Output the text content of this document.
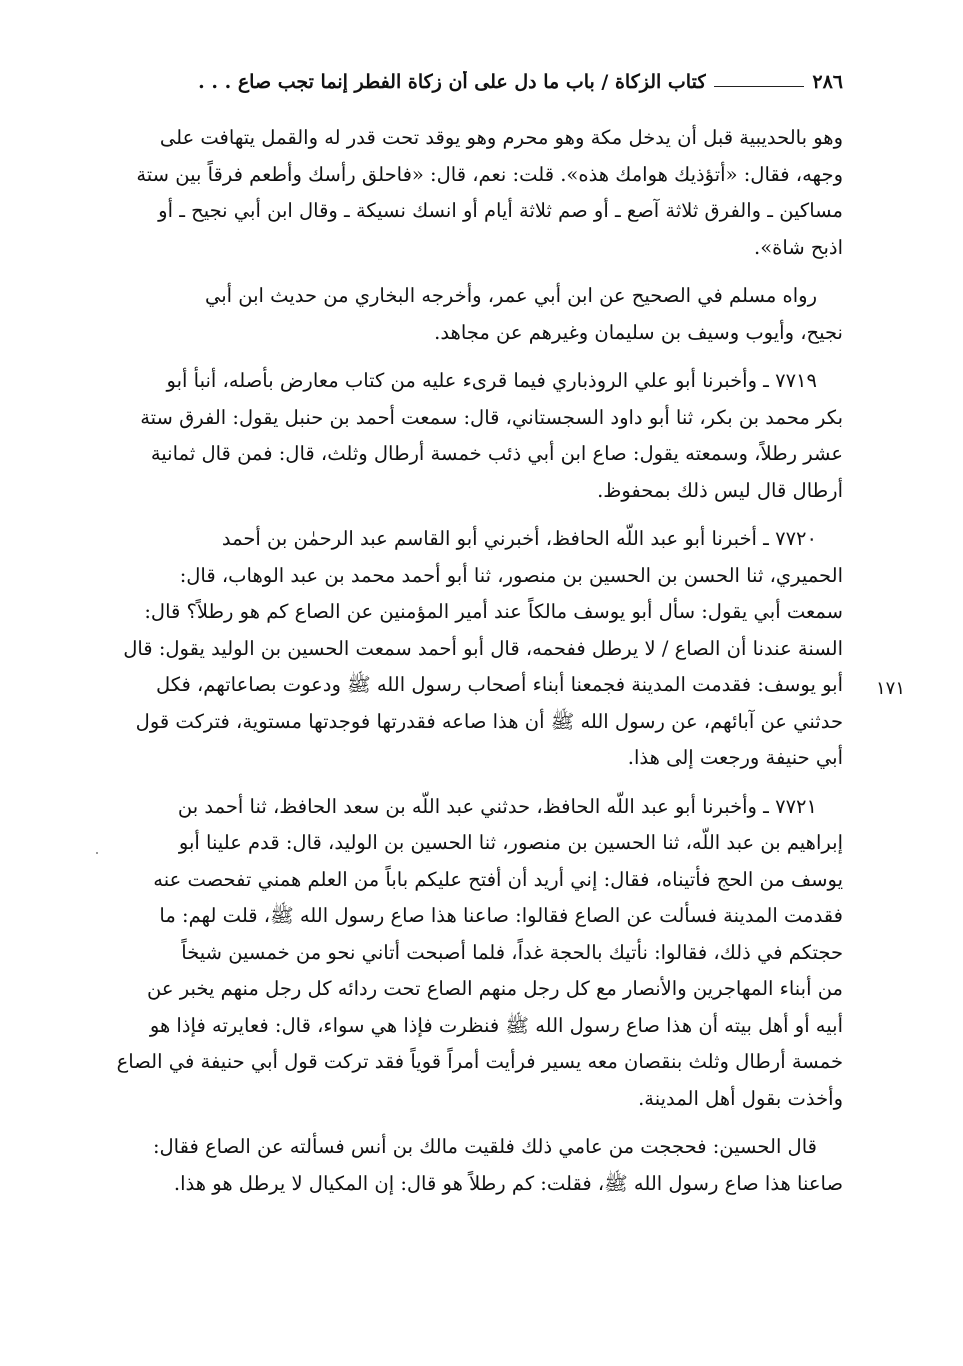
٢٨٦
كتاب الزكاة / باب ما دل على أن زكاة الفطر إنما تجب صاع . . .
١٧١
وهو بالحديبية قبل أن يدخل مكة وهو محرم وهو يوقد تحت قدر له والقمل يتهافت على
وجهه، فقال: «أتؤذيك هوامك هذه». قلت: نعم، قال: «فاحلق رأسك وأطعم فرقاً بين ستة
مساكين ـ والفرق ثلاثة آصع ـ أو صم ثلاثة أيام أو انسك نسيكة ـ وقال ابن أبي نجيح ـ أو
اذبح شاة».
رواه مسلم في الصحيح عن ابن أبي عمر، وأخرجه البخاري من حديث ابن أبي
نجيح، وأيوب وسيف بن سليمان وغيرهم عن مجاهد.
٧٧١٩ ـ وأخبرنا أبو علي الروذباري فيما قرىء عليه من كتاب معارض بأصله، أنبأ أبو
بكر محمد بن بكر، ثنا أبو داود السجستاني، قال: سمعت أحمد بن حنبل يقول: الفرق ستة
عشر رطلاً، وسمعته يقول: صاع ابن أبي ذئب خمسة أرطال وثلث، قال: فمن قال ثمانية
أرطال قال ليس ذلك بمحفوظ.
٧٧٢٠ ـ أخبرنا أبو عبد اللّه الحافظ، أخبرني أبو القاسم عبد الرحمٰن بن أحمد
الحميري، ثنا الحسن بن الحسين بن منصور، ثنا أبو أحمد محمد بن عبد الوهاب، قال:
سمعت أبي يقول: سأل أبو يوسف مالكاً عند أمير المؤمنين عن الصاع كم هو رطلاً؟ قال:
السنة عندنا أن الصاع / لا يرطل ففحمه، قال أبو أحمد سمعت الحسين بن الوليد يقول: قال
أبو يوسف: فقدمت المدينة فجمعنا أبناء أصحاب رسول الله ﷺ ودعوت بصاعاتهم، فكل
حدثني عن آبائهم، عن رسول الله ﷺ أن هذا صاعه فقدرتها فوجدتها مستوية، فتركت قول
أبي حنيفة ورجعت إلى هذا.
٧٧٢١ ـ وأخبرنا أبو عبد اللّه الحافظ، حدثني عبد اللّه بن سعد الحافظ، ثنا أحمد بن
إبراهيم بن عبد اللّه، ثنا الحسين بن منصور، ثنا الحسين بن الوليد، قال: قدم علينا أبو
يوسف من الحج فأتيناه، فقال: إني أريد أن أفتح عليكم باباً من العلم همني تفحصت عنه
فقدمت المدينة فسألت عن الصاع فقالوا: صاعنا هذا صاع رسول الله ﷺ، قلت لهم: ما
حجتكم في ذلك، فقالوا: نأتيك بالحجة غداً، فلما أصبحت أتاني نحو من خمسين شيخاً
من أبناء المهاجرين والأنصار مع كل رجل منهم الصاع تحت ردائه كل رجل منهم يخبر عن
أبيه أو أهل بيته أن هذا صاع رسول الله ﷺ فنظرت فإذا هي سواء، قال: فعايرته فإذا هو
خمسة أرطال وثلث بنقصان معه يسير فرأيت أمراً قوياً فقد تركت قول أبي حنيفة في الصاع
وأخذت بقول أهل المدينة.
قال الحسين: فحججت من عامي ذلك فلقيت مالك بن أنس فسألته عن الصاع فقال:
صاعنا هذا صاع رسول الله ﷺ، فقلت: كم رطلاً هو قال: إن المكيال لا يرطل هو هذا.
